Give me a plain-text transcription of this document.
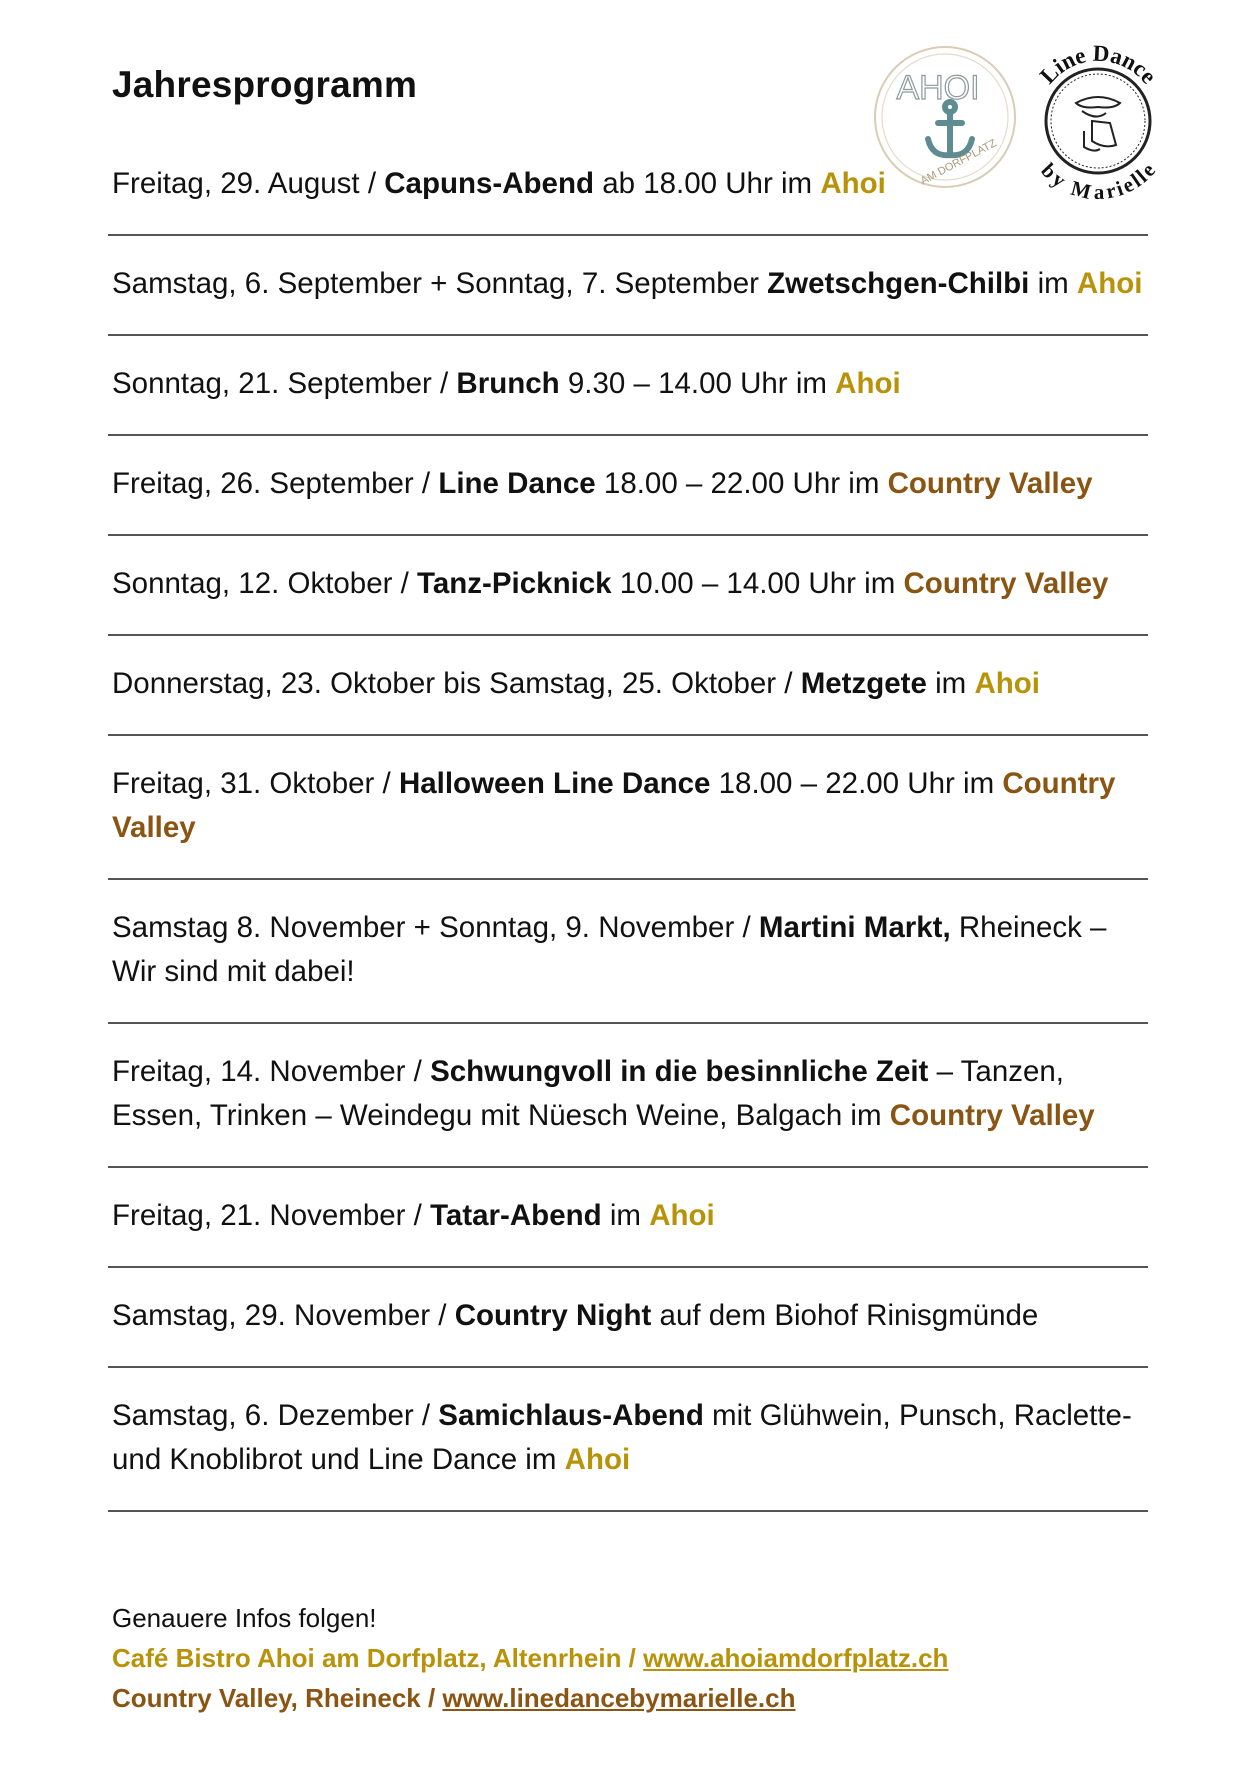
Jahresprogramm	AHOI
AM DORFPLATZ
Line Dance
by Marielle
Freitag, 29. August / Capuns-Abend ab 18.00 Uhr im Ahoi
Samstag, 6. September + Sonntag, 7. September Zwetschgen-Chilbi im Ahoi
Sonntag, 21. September / Brunch 9.30 – 14.00 Uhr im Ahoi
Freitag, 26. September / Line Dance 18.00 – 22.00 Uhr im Country Valley
Sonntag, 12. Oktober / Tanz-Picknick 10.00 – 14.00 Uhr im Country Valley
Donnerstag, 23. Oktober bis Samstag, 25. Oktober / Metzgete im Ahoi
Freitag, 31. Oktober / Halloween Line Dance 18.00 – 22.00 Uhr im Country Valley
Samstag 8. November + Sonntag, 9. November / Martini Markt, Rheineck – Wir sind mit dabei!
Freitag, 14. November / Schwungvoll in die besinnliche Zeit – Tanzen, Essen, Trinken – Weindegu mit Nüesch Weine, Balgach im Country Valley
Freitag, 21. November / Tatar-Abend im Ahoi
Samstag, 29. November / Country Night auf dem Biohof Rinisgmünde
Samstag, 6. Dezember / Samichlaus-Abend mit Glühwein, Punsch, Raclette- und Knoblibrot und Line Dance im Ahoi
Genauere Infos folgen!
Café Bistro Ahoi am Dorfplatz, Altenrhein / www.ahoiamdorfplatz.ch
Country Valley, Rheineck / www.linedancebymarielle.ch
